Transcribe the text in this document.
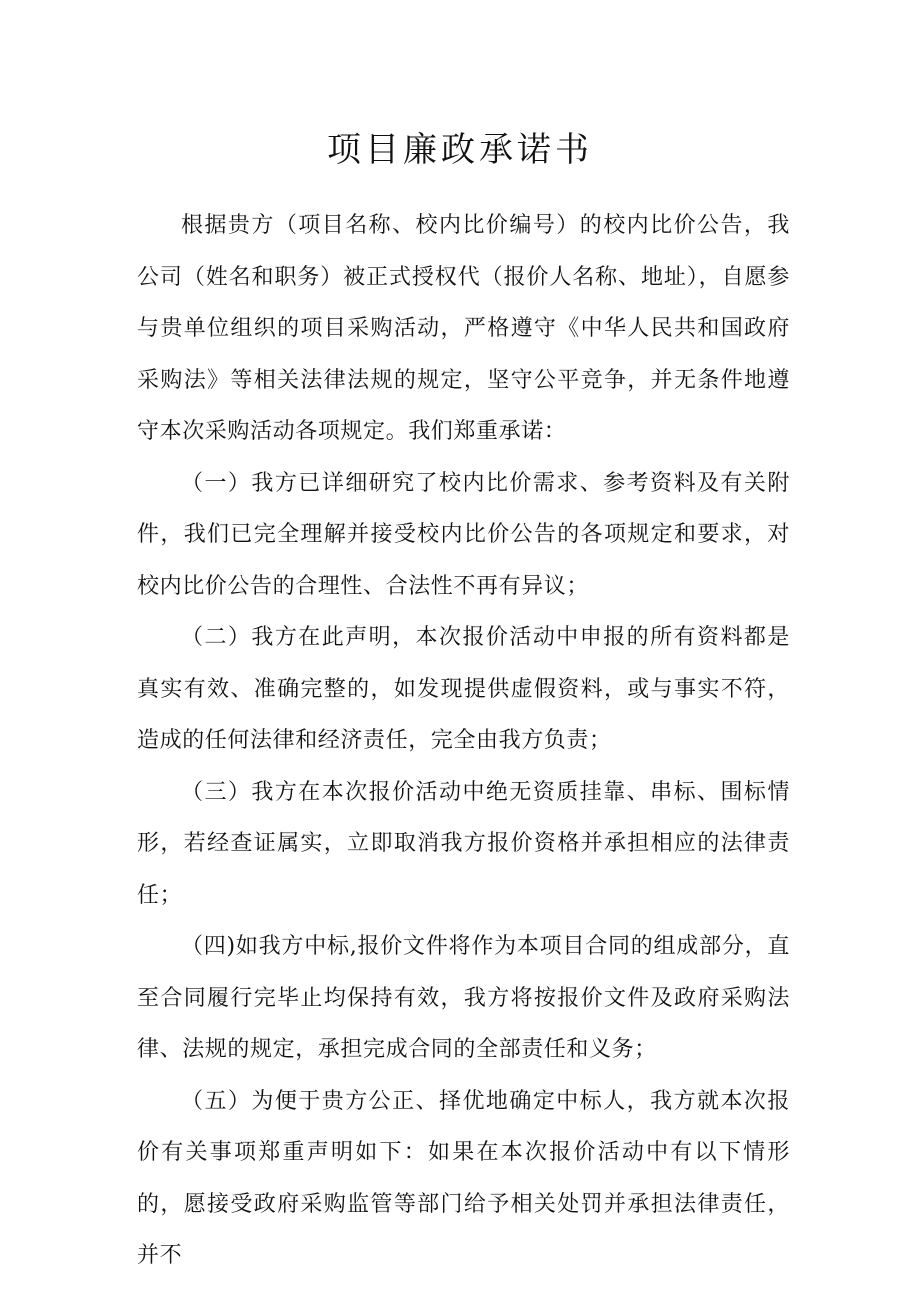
项目廉政承诺书

根据贵方（项目名称、校内比价编号）的校内比价公告，我公司（姓名和职务）被正式授权代（报价人名称、地址），自愿参与贵单位组织的项目采购活动，严格遵守《中华人民共和国政府采购法》等相关法律法规的规定，坚守公平竞争，并无条件地遵守本次采购活动各项规定。我们郑重承诺：

（一）我方已详细研究了校内比价需求、参考资料及有关附件，我们已完全理解并接受校内比价公告的各项规定和要求，对校内比价公告的合理性、合法性不再有异议；

（二）我方在此声明，本次报价活动中申报的所有资料都是真实有效、准确完整的，如发现提供虚假资料，或与事实不符，造成的任何法律和经济责任，完全由我方负责；

（三）我方在本次报价活动中绝无资质挂靠、串标、围标情形，若经查证属实，立即取消我方报价资格并承担相应的法律责任；

（四)如我方中标,报价文件将作为本项目合同的组成部分，直至合同履行完毕止均保持有效，我方将按报价文件及政府采购法律、法规的规定，承担完成合同的全部责任和义务；

（五）为便于贵方公正、择优地确定中标人，我方就本次报价有关事项郑重声明如下：如果在本次报价活动中有以下情形的，愿接受政府采购监管等部门给予相关处罚并承担法律责任，并不
